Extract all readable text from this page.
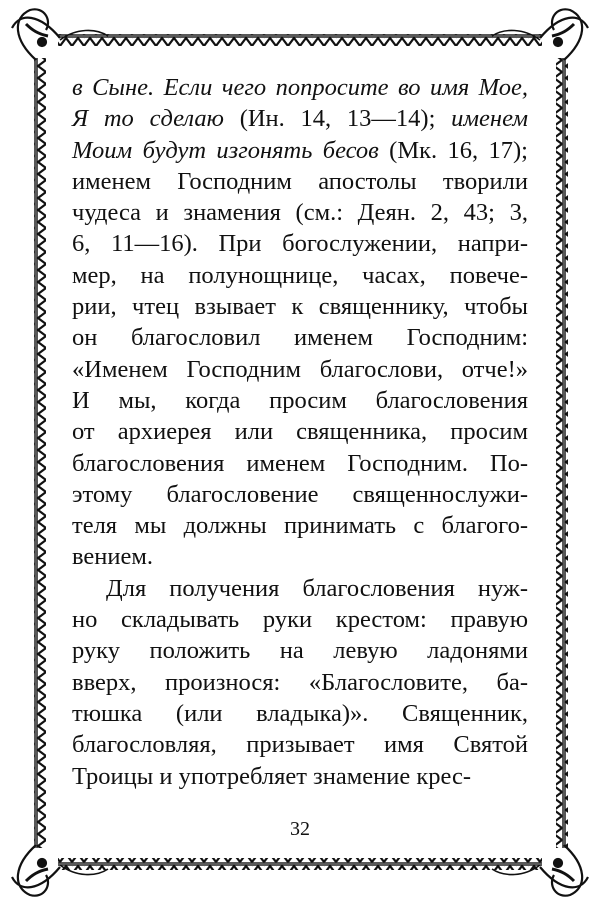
в Сыне. Если чего попросите во имя Мое,
Я то сделаю (Ин. 14, 13—14); именем
Моим будут изгонять бесов (Мк. 16, 17);
именем Господним апостолы творили
чудеса и знамения (см.: Деян. 2, 43; 3,
6, 11—16). При богослужении, напри-
мер, на полунощнице, часах, повече-
рии, чтец взывает к священнику, чтобы
он благословил именем Господним:
«Именем Господним благослови, отче!»
И мы, когда просим благословения
от архиерея или священника, просим
благословения именем Господним. По-
этому благословение священнослужи-
теля мы должны принимать с благого-
вением.
Для получения благословения нуж-
но складывать руки крестом: правую
руку положить на левую ладонями
вверх, произнося: «Благословите, ба-
тюшка (или владыка)». Священник,
благословляя, призывает имя Святой
Троицы и употребляет знамение крес-
32
